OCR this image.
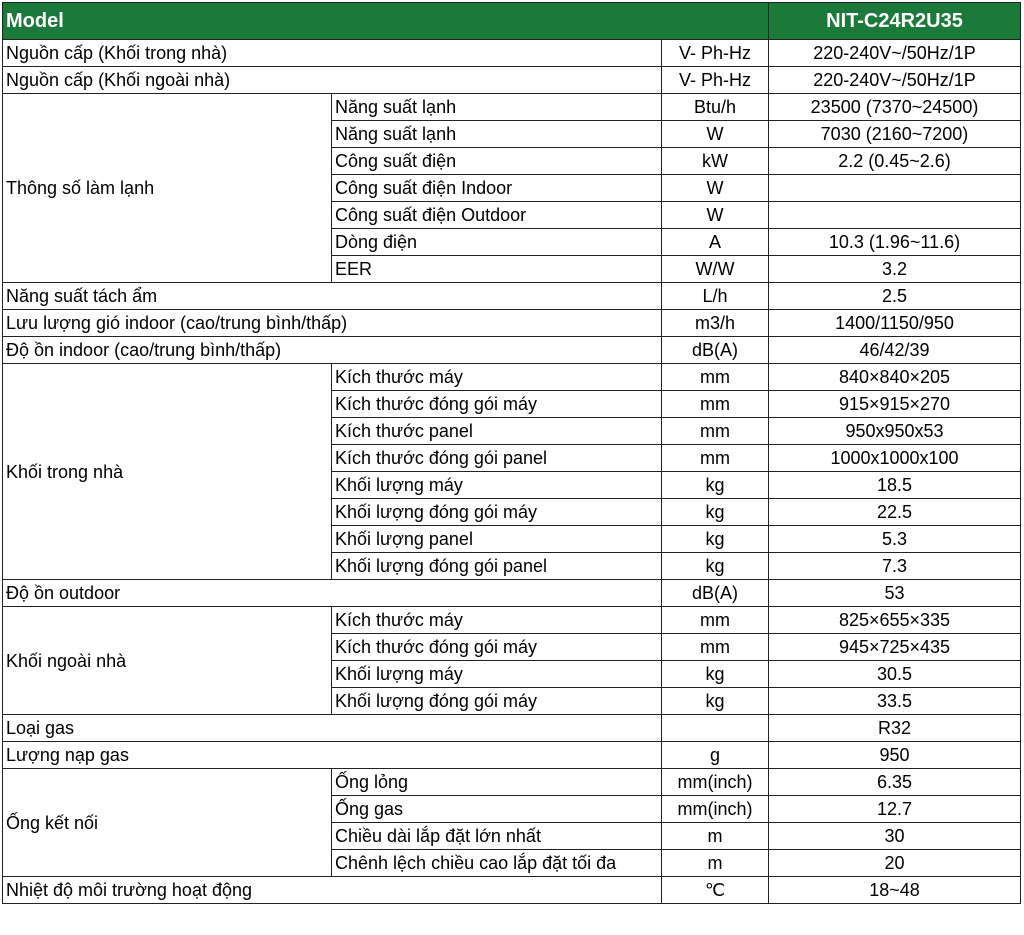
Model			NIT-C24R2U35
Nguồn cấp (Khối trong nhà)		V- Ph-Hz	220-240V~/50Hz/1P
Nguồn cấp (Khối ngoài nhà)		V- Ph-Hz	220-240V~/50Hz/1P
Thông số làm lạnh	Năng suất lạnh	Btu/h	23500 (7370~24500)
	Năng suất lạnh	W	7030 (2160~7200)
	Công suất điện	kW	2.2 (0.45~2.6)
	Công suất điện Indoor	W	
	Công suất điện Outdoor	W	
	Dòng điện	A	10.3 (1.96~11.6)
	EER	W/W	3.2
Năng suất tách ẩm		L/h	2.5
Lưu lượng gió indoor (cao/trung bình/thấp)		m3/h	1400/1150/950
Độ ồn indoor (cao/trung bình/thấp)		dB(A)	46/42/39
Khối trong nhà	Kích thước máy	mm	840×840×205
	Kích thước đóng gói máy	mm	915×915×270
	Kích thước panel	mm	950x950x53
	Kích thước đóng gói panel	mm	1000x1000x100
	Khối lượng máy	kg	18.5
	Khối lượng đóng gói máy	kg	22.5
	Khối lượng panel	kg	5.3
	Khối lượng đóng gói panel	kg	7.3
Độ ồn outdoor		dB(A)	53
Khối ngoài nhà	Kích thước máy	mm	825×655×335
	Kích thước đóng gói máy	mm	945×725×435
	Khối lượng máy	kg	30.5
	Khối lượng đóng gói máy	kg	33.5
Loại gas			R32
Lượng nạp gas		g	950
Ống kết nối	Ống lỏng	mm(inch)	6.35
	Ống gas	mm(inch)	12.7
	Chiều dài lắp đặt lớn nhất	m	30
	Chênh lệch chiều cao lắp đặt tối đa	m	20
Nhiệt độ môi trường hoạt động		℃	18~48
